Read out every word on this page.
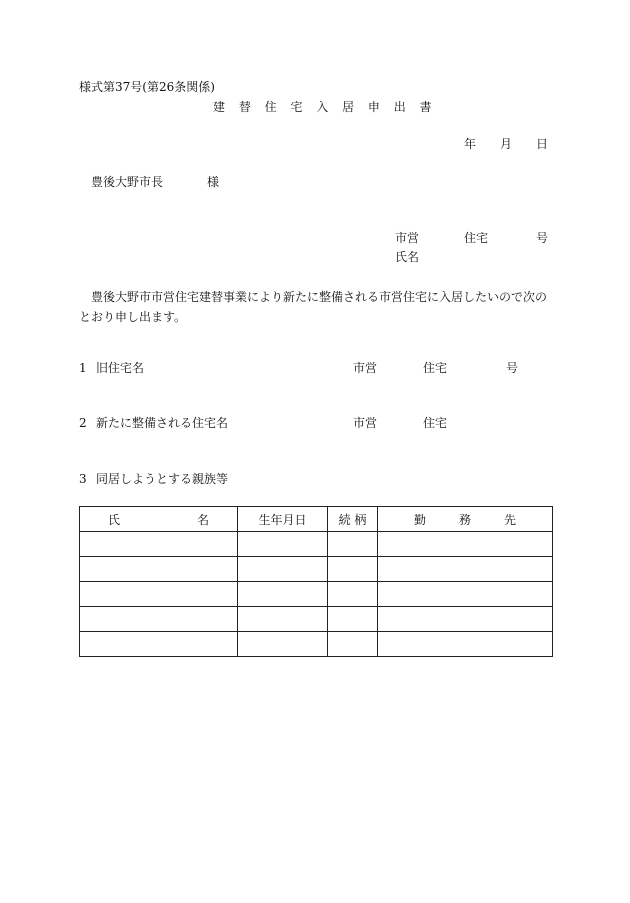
様式第37号(第26条関係)
建 替 住 宅 入 居 申 出 書
年 月 日
豊後大野市長	様
市営	住宅	号
氏名
豊後大野市市営住宅建替事業により新たに整備される市営住宅に入居したいので次のとおり申し出ます。
1 旧住宅名	市営	住宅	号
2 新たに整備される住宅名	市営	住宅
3 同居しようとする親族等
氏 名	生年月日	続 柄	勤 務 先
